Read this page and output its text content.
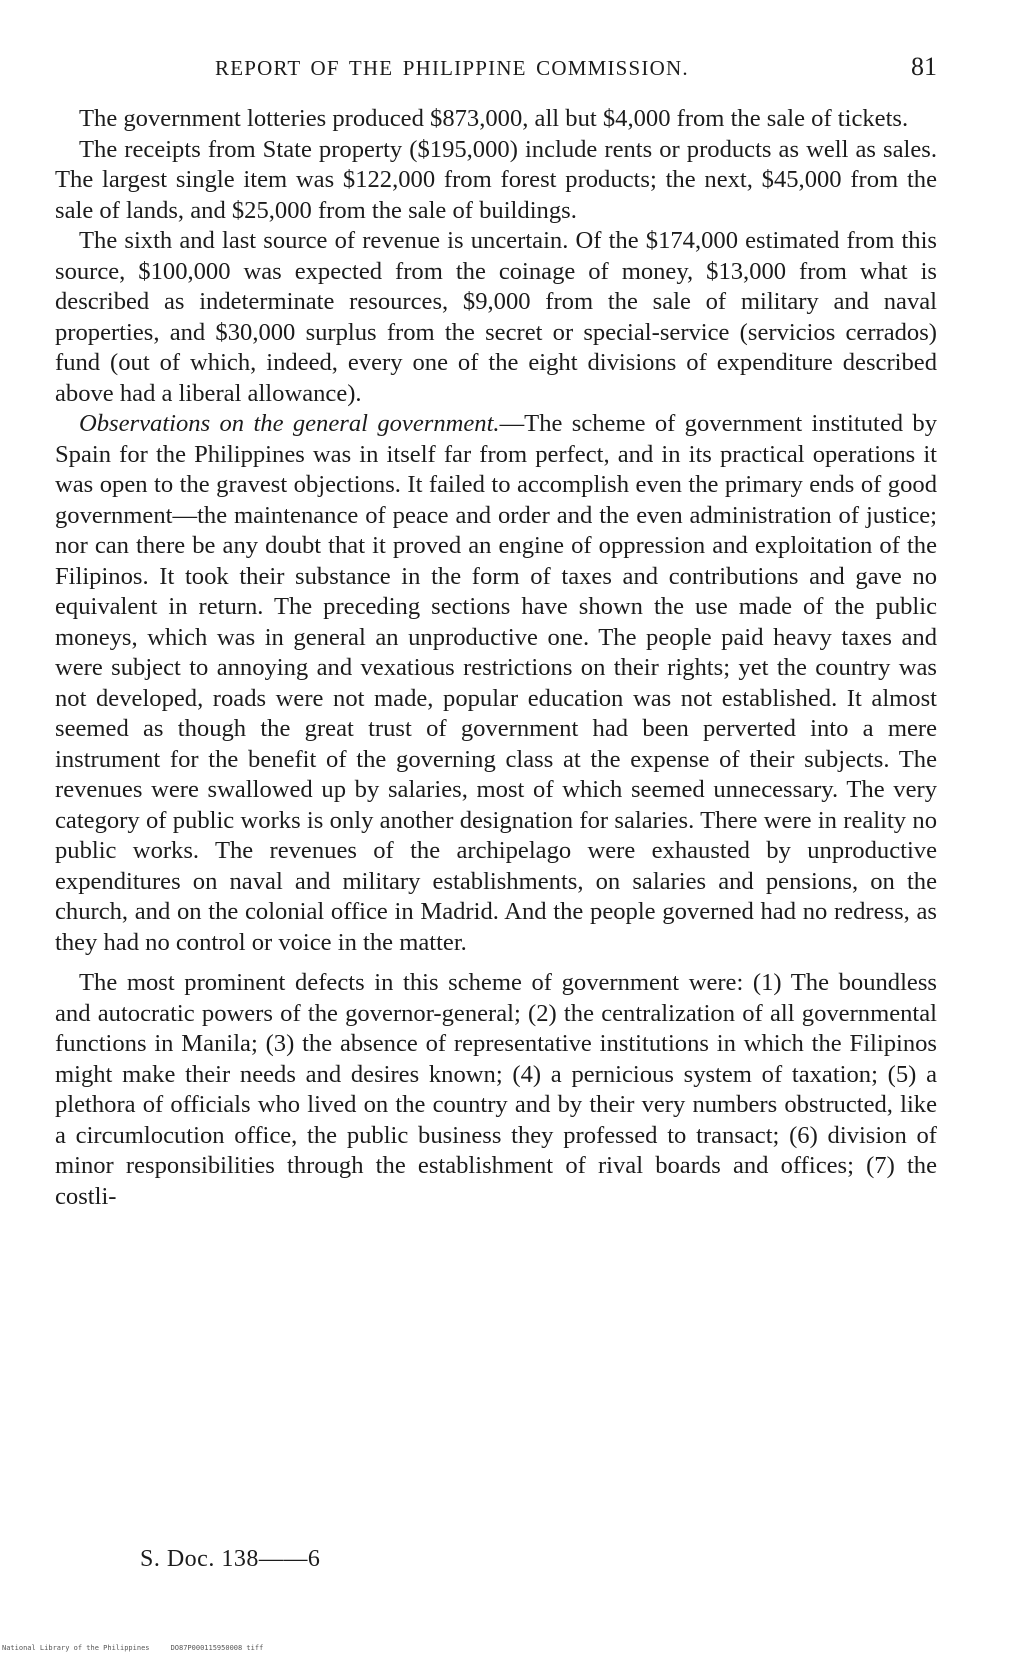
REPORT OF THE PHILIPPINE COMMISSION.	81

The government lotteries produced $873,000, all but $4,000 from the sale of tickets.

The receipts from State property ($195,000) include rents or products as well as sales. The largest single item was $122,000 from forest products; the next, $45,000 from the sale of lands, and $25,000 from the sale of buildings.

The sixth and last source of revenue is uncertain. Of the $174,000 estimated from this source, $100,000 was expected from the coinage of money, $13,000 from what is described as indeterminate resources, $9,000 from the sale of military and naval properties, and $30,000 surplus from the secret or special-service (servicios cerrados) fund (out of which, indeed, every one of the eight divisions of expenditure described above had a liberal allowance).

Observations on the general government.—The scheme of government instituted by Spain for the Philippines was in itself far from perfect, and in its practical operations it was open to the gravest objections. It failed to accomplish even the primary ends of good government—the maintenance of peace and order and the even administration of justice; nor can there be any doubt that it proved an engine of oppression and exploitation of the Filipinos. It took their substance in the form of taxes and contributions and gave no equivalent in return. The preceding sections have shown the use made of the public moneys, which was in general an unproductive one. The people paid heavy taxes and were subject to annoying and vexatious restrictions on their rights; yet the country was not developed, roads were not made, popular education was not established. It almost seemed as though the great trust of government had been perverted into a mere instrument for the benefit of the governing class at the expense of their subjects. The revenues were swallowed up by salaries, most of which seemed unnecessary. The very category of public works is only another designation for salaries. There were in reality no public works. The revenues of the archipelago were exhausted by unproductive expenditures on naval and military establishments, on salaries and pensions, on the church, and on the colonial office in Madrid. And the people governed had no redress, as they had no control or voice in the matter.

The most prominent defects in this scheme of government were: (1) The boundless and autocratic powers of the governor-general; (2) the centralization of all governmental functions in Manila; (3) the absence of representative institutions in which the Filipinos might make their needs and desires known; (4) a pernicious system of taxation; (5) a plethora of officials who lived on the country and by their very numbers obstructed, like a circumlocution office, the public business they professed to transact; (6) division of minor responsibilities through the establishment of rival boards and offices; (7) the costli-

S. Doc. 138——6
National Library of the Philippines     DO87P000115950008 tiff
